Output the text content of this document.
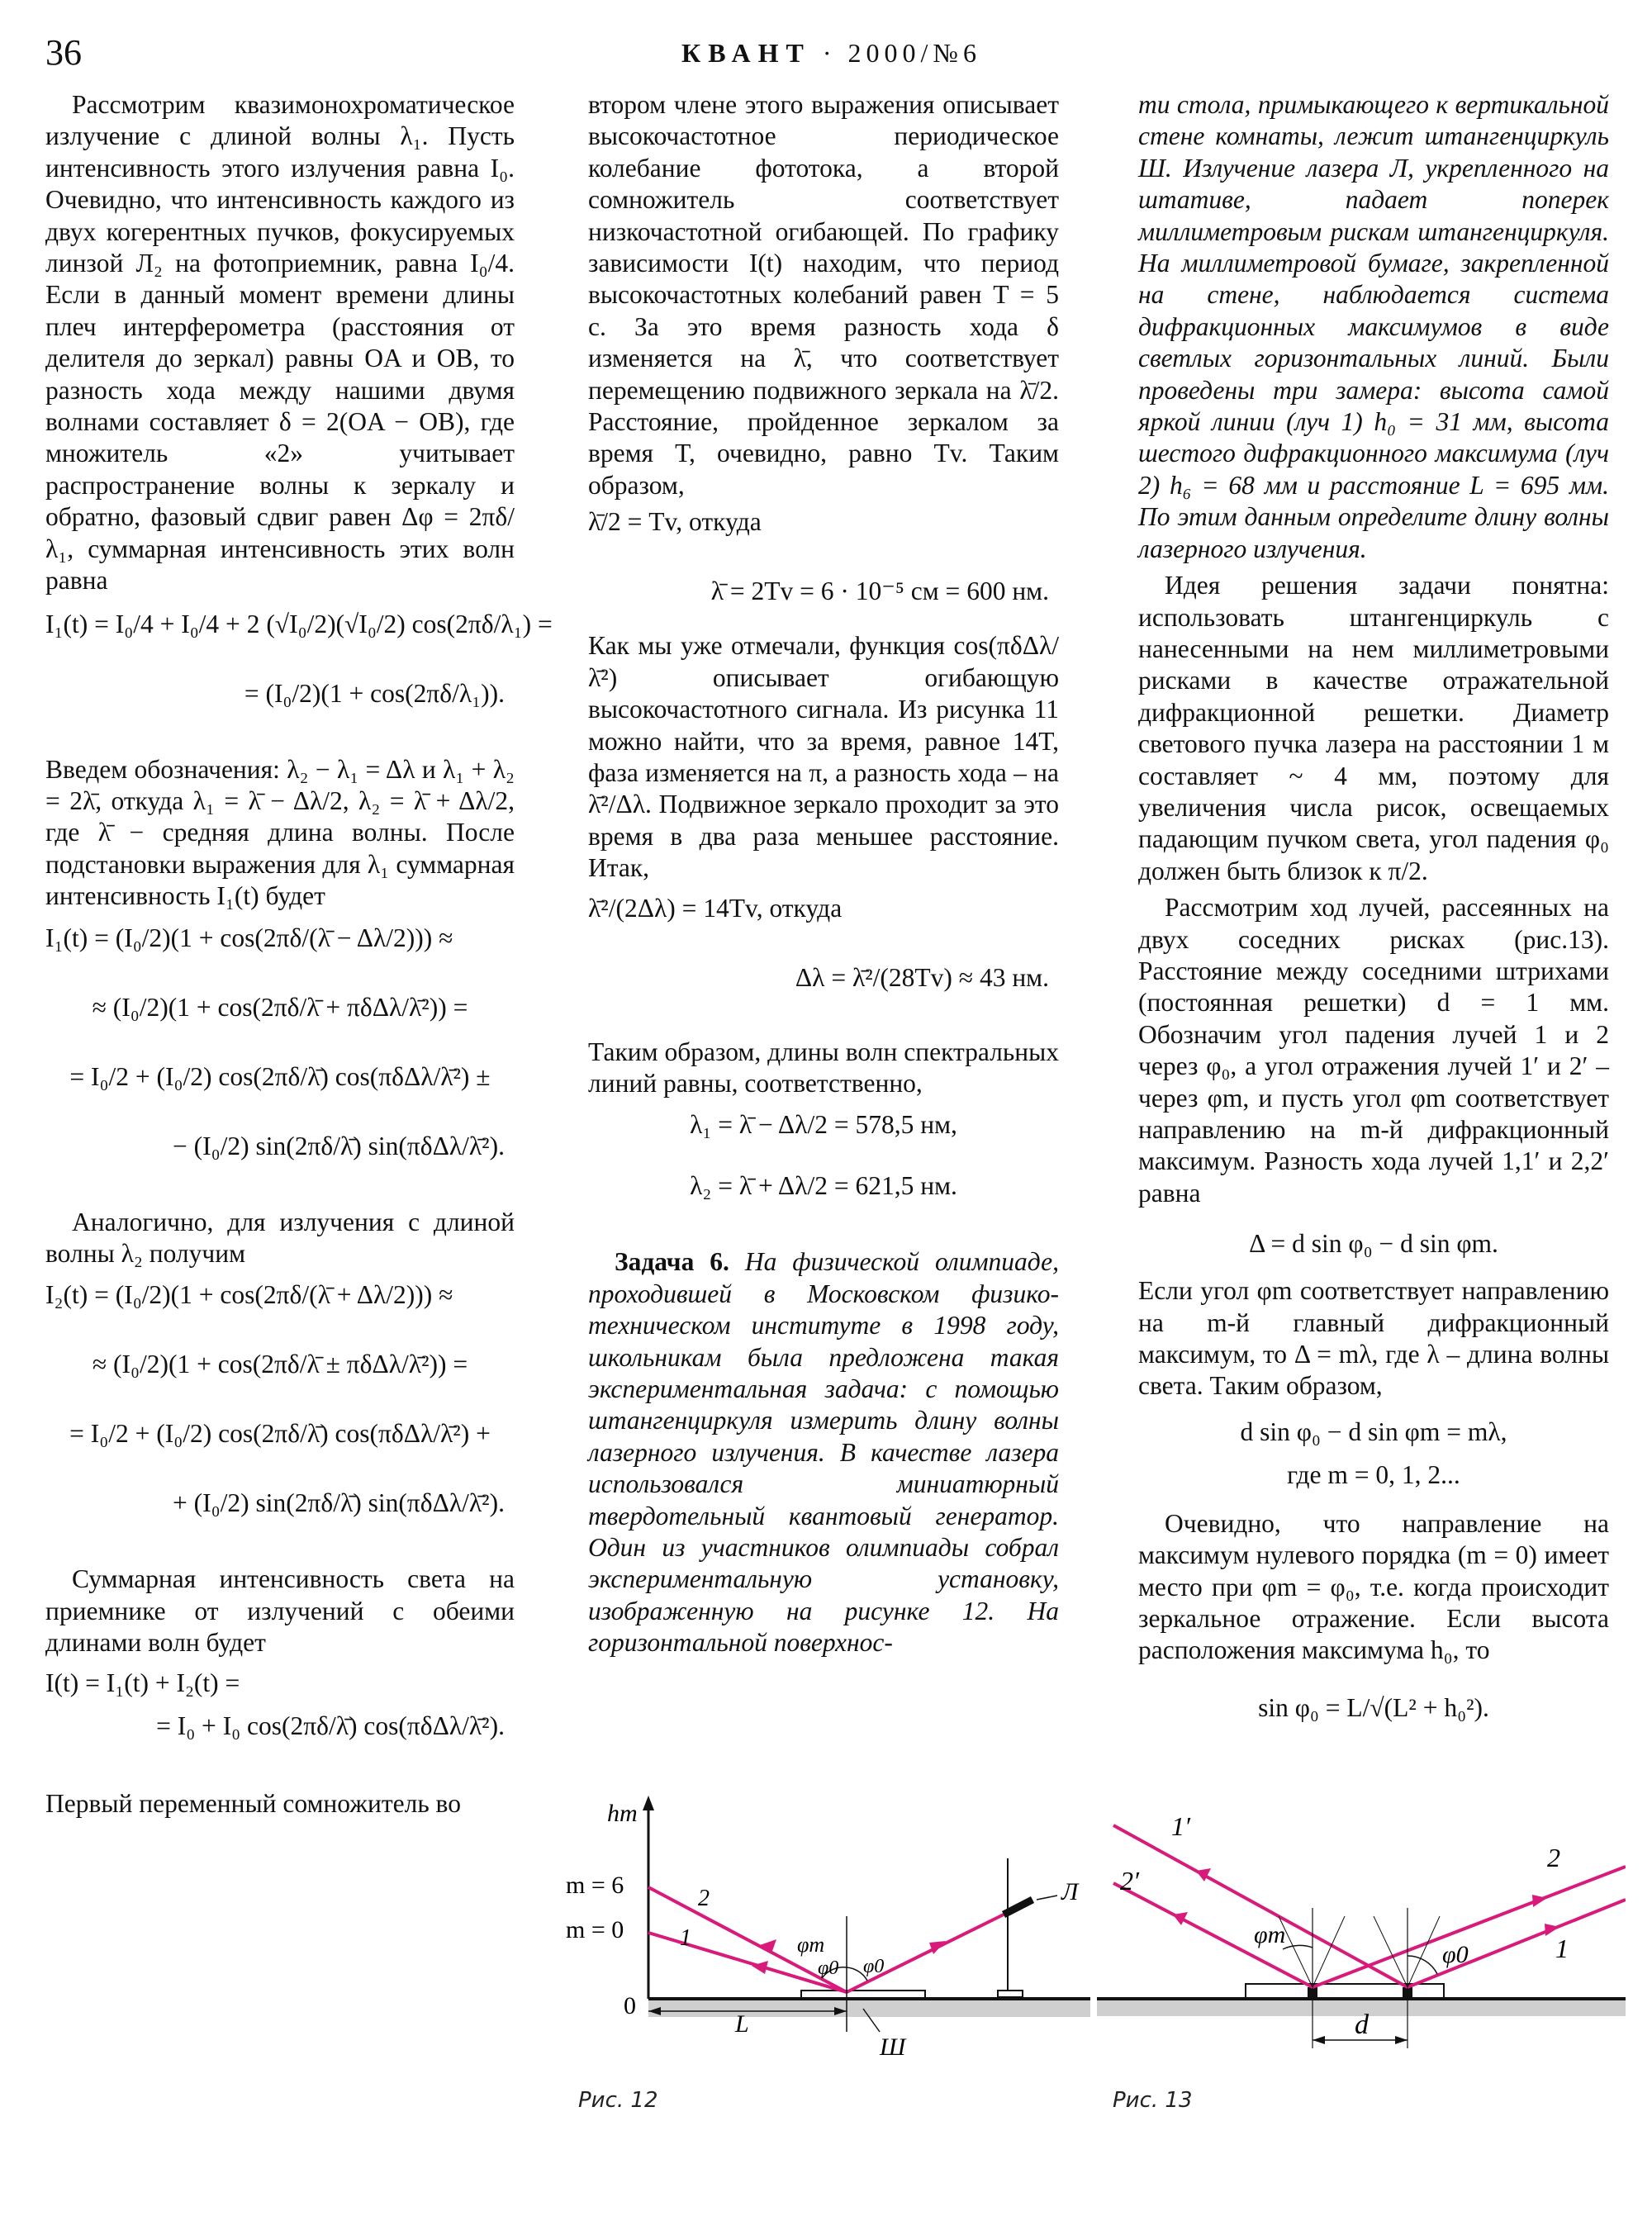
36	КВАНТ · 2000/№6

Рассмотрим квазимонохроматическое излучение с длиной волны λ₁. Пусть интенсивность этого излучения равна I₀. Очевидно, что интенсивность каждого из двух когерентных пучков, фокусируемых линзой Л₂ на фотоприемник, равна I₀/4. Если в данный момент времени длины плеч интерферометра (расстояния от делителя до зеркал) равны OA и OB, то разность хода между нашими двумя волнами составляет δ = 2(OA − OB), где множитель «2» учитывает распространение волны к зеркалу и обратно, фазовый сдвиг равен Δφ = 2πδ/λ₁, суммарная интенсивность этих волн равна

I₁(t) = I₀/4 + I₀/4 + 2 (√I₀/2)(√I₀/2) cos(2πδ/λ₁) =
= (I₀/2)(1 + cos(2πδ/λ₁)).

Введем обозначения: λ₂ − λ₁ = Δλ и λ₁ + λ₂ = 2λ̄, откуда λ₁ = λ̄ − Δλ/2, λ₂ = λ̄ + Δλ/2, где λ̄ − средняя длина волны. После подстановки выражения для λ₁ суммарная интенсивность I₁(t) будет

I₁(t) = (I₀/2)(1 + cos(2πδ/(λ̄ − Δλ/2))) ≈
≈ (I₀/2)(1 + cos(2πδ/λ̄ + πδΔλ/λ̄²)) =
= I₀/2 + (I₀/2) cos(2πδ/λ̄) cos(πδΔλ/λ̄²) ±
− (I₀/2) sin(2πδ/λ̄) sin(πδΔλ/λ̄²).

Аналогично, для излучения с длиной волны λ₂ получим

I₂(t) = (I₀/2)(1 + cos(2πδ/(λ̄ + Δλ/2))) ≈
≈ (I₀/2)(1 + cos(2πδ/λ̄ ± πδΔλ/λ̄²)) =
= I₀/2 + (I₀/2) cos(2πδ/λ̄) cos(πδΔλ/λ̄²) +
+ (I₀/2) sin(2πδ/λ̄) sin(πδΔλ/λ̄²).

Суммарная интенсивность света на приемнике от излучений с обеими длинами волн будет

I(t) = I₁(t) + I₂(t) =
= I₀ + I₀ cos(2πδ/λ̄) cos(πδΔλ/λ̄²).

Первый переменный сомножитель во

втором члене этого выражения описывает высокочастотное периодическое колебание фототока, а второй сомножитель соответствует низкочастотной огибающей. По графику зависимости I(t) находим, что период высокочастотных колебаний равен T = 5 с. За это время разность хода δ изменяется на λ̄, что соответствует перемещению подвижного зеркала на λ̄/2. Расстояние, пройденное зеркалом за время T, очевидно, равно Tv. Таким образом,

λ̄/2 = Tv, откуда
λ̄ = 2Tv = 6 · 10⁻⁵ см = 600 нм.

Как мы уже отмечали, функция cos(πδΔλ/λ̄²) описывает огибающую высокочастотного сигнала. Из рисунка 11 можно найти, что за время, равное 14T, фаза изменяется на π, а разность хода – на λ̄²/Δλ. Подвижное зеркало проходит за это время в два раза меньшее расстояние. Итак,

λ̄²/(2Δλ) = 14Tv, откуда
Δλ = λ̄²/(28Tv) ≈ 43 нм.

Таким образом, длины волн спектральных линий равны, соответственно,

λ₁ = λ̄ − Δλ/2 = 578,5 нм,
λ₂ = λ̄ + Δλ/2 = 621,5 нм.

Задача 6. На физической олимпиаде, проходившей в Московском физико-техническом институте в 1998 году, школьникам была предложена такая экспериментальная задача: с помощью штангенциркуля измерить длину волны лазерного излучения. В качестве лазера использовался миниатюрный твердотельный квантовый генератор. Один из участников олимпиады собрал экспериментальную установку, изображенную на рисунке 12. На горизонтальной поверхнос-

ти стола, примыкающего к вертикальной стене комнаты, лежит штангенциркуль Ш. Излучение лазера Л, укрепленного на штативе, падает поперек миллиметровым рискам штангенциркуля. На миллиметровой бумаге, закрепленной на стене, наблюдается система дифракционных максимумов в виде светлых горизонтальных линий. Были проведены три замера: высота самой яркой линии (луч 1) h₀ = 31 мм, высота шестого дифракционного максимума (луч 2) h₆ = 68 мм и расстояние L = 695 мм. По этим данным определите длину волны лазерного излучения.

Идея решения задачи понятна: использовать штангенциркуль с нанесенными на нем миллиметровыми рисками в качестве отражательной дифракционной решетки. Диаметр светового пучка лазера на расстоянии 1 м составляет ~ 4 мм, поэтому для увеличения числа рисок, освещаемых падающим пучком света, угол падения φ₀ должен быть близок к π/2.

Рассмотрим ход лучей, рассеянных на двух соседних рисках (рис.13). Расстояние между соседними штрихами (постоянная решетки) d = 1 мм. Обозначим угол падения лучей 1 и 2 через φ₀, а угол отражения лучей 1′ и 2′ – через φm, и пусть угол φm соответствует направлению на m-й дифракционный максимум. Разность хода лучей 1,1′ и 2,2′ равна

Δ = d sin φ₀ − d sin φm.

Если угол φm соответствует направлению на m-й главный дифракционный максимум, то Δ = mλ, где λ – длина волны света. Таким образом,

d sin φ₀ − d sin φm = mλ,
где m = 0, 1, 2...

Очевидно, что направление на максимум нулевого порядка (m = 0) имеет место при φm = φ₀, т.е. когда происходит зеркальное отражение. Если высота расположения максимума h₀, то

sin φ₀ = L/√(L² + h₀²).
hm
Л
m = 6
m = 0
0
2
1	φm
φ0 φ0
L
Ш
Рис. 12
1′
2′
2
1
φm
φ0
d
Рис. 13
